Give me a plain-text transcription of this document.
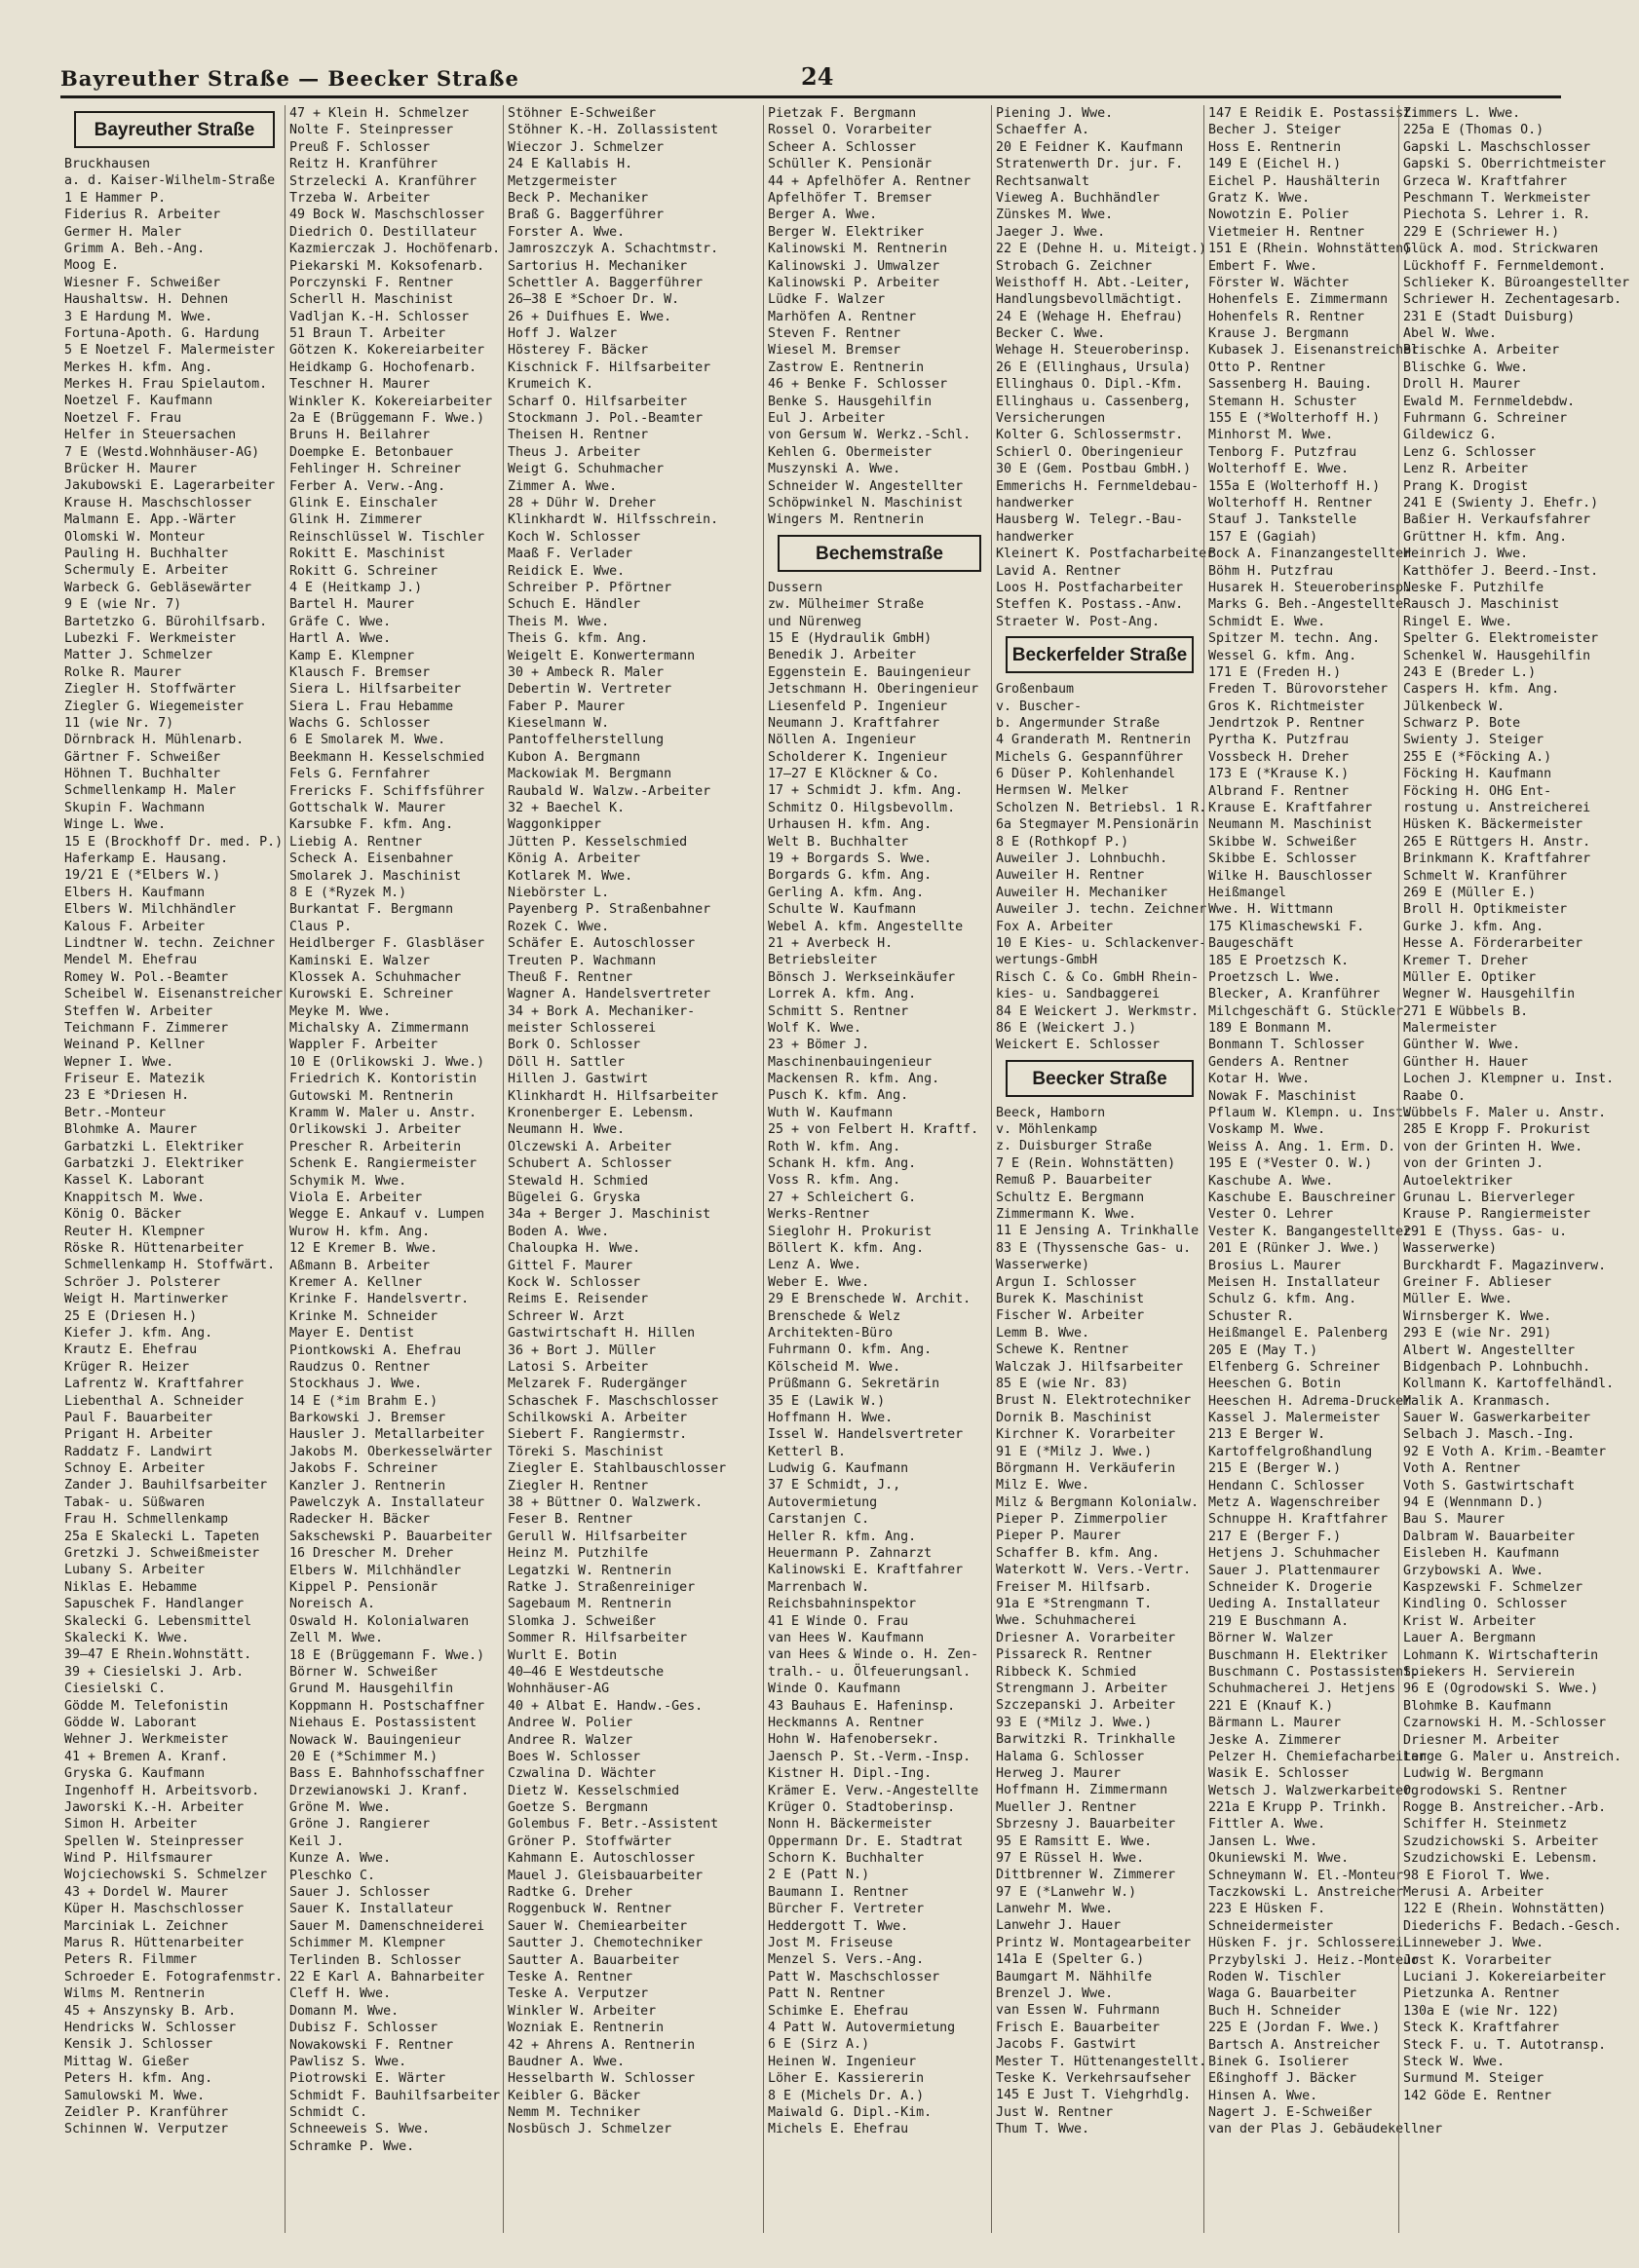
Bayreuther Straße — Beecker Straße	24
Bayreuther Straße
Bruckhausen
a. d. Kaiser-Wilhelm-Straße
1 E Hammer P.
Fiderius R. Arbeiter
Germer H. Maler
Grimm A. Beh.-Ang.
Moog E.
Wiesner F. Schweißer
Haushaltsw. H. Dehnen
3 E Hardung M. Wwe.
Fortuna-Apoth. G. Hardung
5 E Noetzel F. Malermeister
Merkes H. kfm. Ang.
Merkes H. Frau Spielautom.
Noetzel F. Kaufmann
Noetzel F. Frau
Helfer in Steuersachen
7 E (Westd.Wohnhäuser-AG)
Brücker H. Maurer
Jakubowski E. Lagerarbeiter
Krause H. Maschschlosser
Malmann E. App.-Wärter
Olomski W. Monteur
Pauling H. Buchhalter
Schermuly E. Arbeiter
Warbeck G. Gebläsewärter
9 E (wie Nr. 7)
Bartetzko G. Bürohilfsarb.
Lubezki F. Werkmeister
Matter J. Schmelzer
Rolke R. Maurer
Ziegler H. Stoffwärter
Ziegler G. Wiegemeister
11 (wie Nr. 7)
Dörnbrack H. Mühlenarb.
Gärtner F. Schweißer
Höhnen T. Buchhalter
Schmellenkamp H. Maler
Skupin F. Wachmann
Winge L. Wwe.
15 E (Brockhoff Dr. med. P.)
Haferkamp E. Hausang.
19/21 E (*Elbers W.)
Elbers H. Kaufmann
Elbers W. Milchhändler
Kalous F. Arbeiter
Lindtner W. techn. Zeichner
Mendel M. Ehefrau
Romey W. Pol.-Beamter
Scheibel W. Eisenanstreicher
Steffen W. Arbeiter
Teichmann F. Zimmerer
Weinand P. Kellner
Wepner I. Wwe.
Friseur E. Matezik
23 E *Driesen H.
Betr.-Monteur
Blohmke A. Maurer
Garbatzki L. Elektriker
Garbatzki J. Elektriker
Kassel K. Laborant
Knappitsch M. Wwe.
König O. Bäcker
Reuter H. Klempner
Röske R. Hüttenarbeiter
Schmellenkamp H. Stoffwärt.
Schröer J. Polsterer
Weigt H. Martinwerker
25 E (Driesen H.)
Kiefer J. kfm. Ang.
Krautz E. Ehefrau
Krüger R. Heizer
Lafrentz W. Kraftfahrer
Liebenthal A. Schneider
Paul F. Bauarbeiter
Prigant H. Arbeiter
Raddatz F. Landwirt
Schnoy E. Arbeiter
Zander J. Bauhilfsarbeiter
Tabak- u. Süßwaren
Frau H. Schmellenkamp
25a E Skalecki L. Tapeten
Gretzki J. Schweißmeister
Lubany S. Arbeiter
Niklas E. Hebamme
Sapuschek F. Handlanger
Skalecki G. Lebensmittel
Skalecki K. Wwe.
39—47 E Rhein.Wohnstätt.
39 + Ciesielski J. Arb.
Ciesielski C.
Gödde M. Telefonistin
Gödde W. Laborant
Wehner J. Werkmeister
41 + Bremen A. Kranf.
Gryska G. Kaufmann
Ingenhoff H. Arbeitsvorb.
Jaworski K.-H. Arbeiter
Simon H. Arbeiter
Spellen W. Steinpresser
Wind P. Hilfsmaurer
Wojciechowski S. Schmelzer
43 + Dordel W. Maurer
Küper H. Maschschlosser
Marciniak L. Zeichner
Marus R. Hüttenarbeiter
Peters R. Filmmer
Schroeder E. Fotografenmstr.
Wilms M. Rentnerin
45 + Anszynsky B. Arb.
Hendricks W. Schlosser
Kensik J. Schlosser
Mittag W. Gießer
Peters H. kfm. Ang.
Samulowski M. Wwe.
Zeidler P. Kranführer
Schinnen W. Verputzer
47 + Klein H. Schmelzer
Nolte F. Steinpresser
Preuß F. Schlosser
Reitz H. Kranführer
Strzelecki A. Kranführer
Trzeba W. Arbeiter
49 Bock W. Maschschlosser
Diedrich O. Destillateur
Kazmierczak J. Hochöfenarb.
Piekarski M. Koksofenarb.
Porczynski F. Rentner
Scherll H. Maschinist
Vadljan K.-H. Schlosser
51 Braun T. Arbeiter
Götzen K. Kokereiarbeiter
Heidkamp G. Hochofenarb.
Teschner H. Maurer
Winkler K. Kokereiarbeiter
2a E (Brüggemann F. Wwe.)
Bruns H. Beilahrer
Doempke E. Betonbauer
Fehlinger H. Schreiner
Ferber A. Verw.-Ang.
Glink E. Einschaler
Glink H. Zimmerer
Reinschlüssel W. Tischler
Rokitt E. Maschinist
Rokitt G. Schreiner
4 E (Heitkamp J.)
Bartel H. Maurer
Gräfe C. Wwe.
Hartl A. Wwe.
Kamp E. Klempner
Klausch F. Bremser
Siera L. Hilfsarbeiter
Siera L. Frau Hebamme
Wachs G. Schlosser
6 E Smolarek M. Wwe.
Beekmann H. Kesselschmied
Fels G. Fernfahrer
Frericks F. Schiffsführer
Gottschalk W. Maurer
Karsubke F. kfm. Ang.
Liebig A. Rentner
Scheck A. Eisenbahner
Smolarek J. Maschinist
8 E (*Ryzek M.)
Burkantat F. Bergmann
Claus P.
Heidlberger F. Glasbläser
Kaminski E. Walzer
Klossek A. Schuhmacher
Kurowski E. Schreiner
Meyke M. Wwe.
Michalsky A. Zimmermann
Wappler F. Arbeiter
10 E (Orlikowski J. Wwe.)
Friedrich K. Kontoristin
Gutowski M. Rentnerin
Kramm W. Maler u. Anstr.
Orlikowski J. Arbeiter
Prescher R. Arbeiterin
Schenk E. Rangiermeister
Schymik M. Wwe.
Viola E. Arbeiter
Wegge E. Ankauf v. Lumpen
Wurow H. kfm. Ang.
12 E Kremer B. Wwe.
Aßmann B. Arbeiter
Kremer A. Kellner
Krinke F. Handelsvertr.
Krinke M. Schneider
Mayer E. Dentist
Piontkowski A. Ehefrau
Raudzus O. Rentner
Stockhaus J. Wwe.
14 E (*im Brahm E.)
Barkowski J. Bremser
Hausler J. Metallarbeiter
Jakobs M. Oberkesselwärter
Jakobs F. Schreiner
Kanzler J. Rentnerin
Pawelczyk A. Installateur
Radecker H. Bäcker
Sakschewski P. Bauarbeiter
16 Drescher M. Dreher
Elbers W. Milchhändler
Kippel P. Pensionär
Noreisch A.
Oswald H. Kolonialwaren
Zell M. Wwe.
18 E (Brüggemann F. Wwe.)
Börner W. Schweißer
Grund M. Hausgehilfin
Koppmann H. Postschaffner
Niehaus E. Postassistent
Nowack W. Bauingenieur
20 E (*Schimmer M.)
Bass E. Bahnhofsschaffner
Drzewianowski J. Kranf.
Gröne M. Wwe.
Gröne J. Rangierer
Keil J.
Kunze A. Wwe.
Pleschko C.
Sauer J. Schlosser
Sauer K. Installateur
Sauer M. Damenschneiderei
Schimmer M. Klempner
Terlinden B. Schlosser
22 E Karl A. Bahnarbeiter
Cleff H. Wwe.
Domann M. Wwe.
Dubisz F. Schlosser
Nowakowski F. Rentner
Pawlisz S. Wwe.
Piotrowski E. Wärter
Schmidt F. Bauhilfsarbeiter
Schmidt C.
Schneeweis S. Wwe.
Schramke P. Wwe.
Stöhner E-Schweißer
Stöhner K.-H. Zollassistent
Wieczor J. Schmelzer
24 E Kallabis H.
Metzgermeister
Beck P. Mechaniker
Braß G. Baggerführer
Forster A. Wwe.
Jamroszczyk A. Schachtmstr.
Sartorius H. Mechaniker
Schettler A. Baggerführer
26—38 E *Schoer Dr. W.
26 + Duifhues E. Wwe.
Hoff J. Walzer
Hösterey F. Bäcker
Kischnick F. Hilfsarbeiter
Krumeich K.
Scharf O. Hilfsarbeiter
Stockmann J. Pol.-Beamter
Theisen H. Rentner
Theus J. Arbeiter
Weigt G. Schuhmacher
Zimmer A. Wwe.
28 + Dühr W. Dreher
Klinkhardt W. Hilfsschrein.
Koch W. Schlosser
Maaß F. Verlader
Reidick E. Wwe.
Schreiber P. Pförtner
Schuch E. Händler
Theis M. Wwe.
Theis G. kfm. Ang.
Weigelt E. Konwertermann
30 + Ambeck R. Maler
Debertin W. Vertreter
Faber P. Maurer
Kieselmann W.
Pantoffelherstellung
Kubon A. Bergmann
Mackowiak M. Bergmann
Raubald W. Walzw.-Arbeiter
32 + Baechel K.
Waggonkipper
Jütten P. Kesselschmied
König A. Arbeiter
Kotlarek M. Wwe.
Niebörster L.
Payenberg P. Straßenbahner
Rozek C. Wwe.
Schäfer E. Autoschlosser
Treuten P. Wachmann
Theuß F. Rentner
Wagner A. Handelsvertreter
34 + Bork A. Mechaniker-
meister Schlosserei
Bork O. Schlosser
Döll H. Sattler
Hillen J. Gastwirt
Klinkhardt H. Hilfsarbeiter
Kronenberger E. Lebensm.
Neumann H. Wwe.
Olczewski A. Arbeiter
Schubert A. Schlosser
Stewald H. Schmied
Bügelei G. Gryska
34a + Berger J. Maschinist
Boden A. Wwe.
Chaloupka H. Wwe.
Gittel F. Maurer
Kock W. Schlosser
Reims E. Reisender
Schreer W. Arzt
Gastwirtschaft H. Hillen
36 + Bort J. Müller
Latosi S. Arbeiter
Melzarek F. Rudergänger
Schaschek F. Maschschlosser
Schilkowski A. Arbeiter
Siebert F. Rangiermstr.
Töreki S. Maschinist
Ziegler E. Stahlbauschlosser
Ziegler H. Rentner
38 + Büttner O. Walzwerk.
Feser B. Rentner
Gerull W. Hilfsarbeiter
Heinz M. Putzhilfe
Legatzki W. Rentnerin
Ratke J. Straßenreiniger
Sagebaum M. Rentnerin
Slomka J. Schweißer
Sommer R. Hilfsarbeiter
Wurlt E. Botin
40—46 E Westdeutsche
Wohnhäuser-AG
40 + Albat E. Handw.-Ges.
Andree W. Polier
Andree R. Walzer
Boes W. Schlosser
Czwalina D. Wächter
Dietz W. Kesselschmied
Goetze S. Bergmann
Golembus F. Betr.-Assistent
Gröner P. Stoffwärter
Kahmann E. Autoschlosser
Mauel J. Gleisbauarbeiter
Radtke G. Dreher
Roggenbuck W. Rentner
Sauer W. Chemiearbeiter
Sautter J. Chemotechniker
Sautter A. Bauarbeiter
Teske A. Rentner
Teske A. Verputzer
Winkler W. Arbeiter
Wozniak E. Rentnerin
42 + Ahrens A. Rentnerin
Baudner A. Wwe.
Hesselbarth W. Schlosser
Keibler G. Bäcker
Nemm M. Techniker
Nosbüsch J. Schmelzer
Pietzak F. Bergmann
Rossel O. Vorarbeiter
Scheer A. Schlosser
Schüller K. Pensionär
44 + Apfelhöfer A. Rentner
Apfelhöfer T. Bremser
Berger A. Wwe.
Berger W. Elektriker
Kalinowski M. Rentnerin
Kalinowski J. Umwalzer
Kalinowski P. Arbeiter
Lüdke F. Walzer
Marhöfen A. Rentner
Steven F. Rentner
Wiesel M. Bremser
Zastrow E. Rentnerin
46 + Benke F. Schlosser
Benke S. Hausgehilfin
Eul J. Arbeiter
von Gersum W. Werkz.-Schl.
Kehlen G. Obermeister
Muszynski A. Wwe.
Schneider W. Angestellter
Schöpwinkel N. Maschinist
Wingers M. Rentnerin
Bechemstraße
Dussern
zw. Mülheimer Straße
und Nürenweg
15 E (Hydraulik GmbH)
Benedik J. Arbeiter
Eggenstein E. Bauingenieur
Jetschmann H. Oberingenieur
Liesenfeld P. Ingenieur
Neumann J. Kraftfahrer
Nöllen A. Ingenieur
Scholderer K. Ingenieur
17—27 E Klöckner & Co.
17 + Schmidt J. kfm. Ang.
Schmitz O. Hilgsbevollm.
Urhausen H. kfm. Ang.
Welt B. Buchhalter
19 + Borgards S. Wwe.
Borgards G. kfm. Ang.
Gerling A. kfm. Ang.
Schulte W. Kaufmann
Webel A. kfm. Angestellte
21 + Averbeck H.
Betriebsleiter
Bönsch J. Werkseinkäufer
Lorrek A. kfm. Ang.
Schmitt S. Rentner
Wolf K. Wwe.
23 + Bömer J.
Maschinenbauingenieur
Mackensen R. kfm. Ang.
Pusch K. kfm. Ang.
Wuth W. Kaufmann
25 + von Felbert H. Kraftf.
Roth W. kfm. Ang.
Schank H. kfm. Ang.
Voss R. kfm. Ang.
27 + Schleichert G.
Werks-Rentner
Sieglohr H. Prokurist
Böllert K. kfm. Ang.
Lenz A. Wwe.
Weber E. Wwe.
29 E Brenschede W. Archit.
Brenschede & Welz
Architekten-Büro
Fuhrmann O. kfm. Ang.
Kölscheid M. Wwe.
Prüßmann G. Sekretärin
35 E (Lawik W.)
Hoffmann H. Wwe.
Issel W. Handelsvertreter
Ketterl B.
Ludwig G. Kaufmann
37 E Schmidt, J.,
Autovermietung
Carstanjen C.
Heller R. kfm. Ang.
Heuermann P. Zahnarzt
Kalinowski E. Kraftfahrer
Marrenbach W.
Reichsbahninspektor
41 E Winde O. Frau
van Hees W. Kaufmann
van Hees & Winde o. H. Zen-
tralh.- u. Ölfeuerungsanl.
Winde O. Kaufmann
43 Bauhaus E. Hafeninsp.
Heckmanns A. Rentner
Hohn W. Hafenobersekr.
Jaensch P. St.-Verm.-Insp.
Kistner H. Dipl.-Ing.
Krämer E. Verw.-Angestellte
Krüger O. Stadtoberinsp.
Nonn H. Bäckermeister
Oppermann Dr. E. Stadtrat
Schorn K. Buchhalter
2 E (Patt N.)
Baumann I. Rentner
Bürcher F. Vertreter
Heddergott T. Wwe.
Jost M. Friseuse
Menzel S. Vers.-Ang.
Patt W. Maschschlosser
Patt N. Rentner
Schimke E. Ehefrau
4 Patt W. Autovermietung
6 E (Sirz A.)
Heinen W. Ingenieur
Löher E. Kassiererin
8 E (Michels Dr. A.)
Maiwald G. Dipl.-Kim.
Michels E. Ehefrau
Piening J. Wwe.
Schaeffer A.
20 E Feidner K. Kaufmann
Stratenwerth Dr. jur. F.
Rechtsanwalt
Vieweg A. Buchhändler
Zünskes M. Wwe.
Jaeger J. Wwe.
22 E (Dehne H. u. Miteigt.)
Strobach G. Zeichner
Weisthoff H. Abt.-Leiter,
Handlungsbevollmächtigt.
24 E (Wehage H. Ehefrau)
Becker C. Wwe.
Wehage H. Steueroberinsp.
26 E (Ellinghaus, Ursula)
Ellinghaus O. Dipl.-Kfm.
Ellinghaus u. Cassenberg,
Versicherungen
Kolter G. Schlossermstr.
Schierl O. Oberingenieur
30 E (Gem. Postbau GmbH.)
Emmerichs H. Fernmeldebau-
handwerker
Hausberg W. Telegr.-Bau-
handwerker
Kleinert K. Postfacharbeiter
Lavid A. Rentner
Loos H. Postfacharbeiter
Steffen K. Postass.-Anw.
Straeter W. Post-Ang.
Beckerfelder Straße
Großenbaum
v. Buscher-
b. Angermunder Straße
4 Granderath M. Rentnerin
Michels G. Gespannführer
6 Düser P. Kohlenhandel
Hermsen W. Melker
Scholzen N. Betriebsl. 1 R.
6a Stegmayer M.Pensionärin
8 E (Rothkopf P.)
Auweiler J. Lohnbuchh.
Auweiler H. Rentner
Auweiler H. Mechaniker
Auweiler J. techn. Zeichner
Fox A. Arbeiter
10 E Kies- u. Schlackenver-
wertungs-GmbH
Risch C. & Co. GmbH Rhein-
kies- u. Sandbaggerei
84 E Weickert J. Werkmstr.
86 E (Weickert J.)
Weickert E. Schlosser
Beecker Straße
Beeck, Hamborn
v. Möhlenkamp
z. Duisburger Straße
7 E (Rein. Wohnstätten)
Remuß P. Bauarbeiter
Schultz E. Bergmann
Zimmermann K. Wwe.
11 E Jensing A. Trinkhalle
83 E (Thyssensche Gas- u.
Wasserwerke)
Argun I. Schlosser
Burek K. Maschinist
Fischer W. Arbeiter
Lemm B. Wwe.
Schewe K. Rentner
Walczak J. Hilfsarbeiter
85 E (wie Nr. 83)
Brust N. Elektrotechniker
Dornik B. Maschinist
Kirchner K. Vorarbeiter
91 E (*Milz J. Wwe.)
Börgmann H. Verkäuferin
Milz E. Wwe.
Milz & Bergmann Kolonialw.
Pieper P. Zimmerpolier
Pieper P. Maurer
Schaffer B. kfm. Ang.
Waterkott W. Vers.-Vertr.
Freiser M. Hilfsarb.
91a E *Strengmann T.
Wwe. Schuhmacherei
Driesner A. Vorarbeiter
Pissareck R. Rentner
Ribbeck K. Schmied
Strengmann J. Arbeiter
Szczepanski J. Arbeiter
93 E (*Milz J. Wwe.)
Barwitzki R. Trinkhalle
Halama G. Schlosser
Herweg J. Maurer
Hoffmann H. Zimmermann
Mueller J. Rentner
Sbrzesny J. Bauarbeiter
95 E Ramsitt E. Wwe.
97 E Rüssel H. Wwe.
Dittbrenner W. Zimmerer
97 E (*Lanwehr W.)
Lanwehr M. Wwe.
Lanwehr J. Hauer
Printz W. Montagearbeiter
141a E (Spelter G.)
Baumgart M. Nähhilfe
Brenzel J. Wwe.
van Essen W. Fuhrmann
Frisch E. Bauarbeiter
Jacobs F. Gastwirt
Mester T. Hüttenangestellt.
Teske K. Verkehrsaufseher
145 E Just T. Viehgrhdlg.
Just W. Rentner
Thum T. Wwe.
147 E Reidik E. Postassist.
Becher J. Steiger
Hoss E. Rentnerin
149 E (Eichel H.)
Eichel P. Haushälterin
Gratz K. Wwe.
Nowotzin E. Polier
Vietmeier H. Rentner
151 E (Rhein. Wohnstätten)
Embert F. Wwe.
Förster W. Wächter
Hohenfels E. Zimmermann
Hohenfels R. Rentner
Krause J. Bergmann
Kubasek J. Eisenanstreicher
Otto P. Rentner
Sassenberg H. Bauing.
Stemann H. Schuster
155 E (*Wolterhoff H.)
Minhorst M. Wwe.
Tenborg F. Putzfrau
Wolterhoff E. Wwe.
155a E (Wolterhoff H.)
Wolterhoff H. Rentner
Stauf J. Tankstelle
157 E (Gagiah)
Bock A. Finanzangestellter
Böhm H. Putzfrau
Husarek H. Steueroberinsp.
Marks G. Beh.-Angestellte
Schmidt E. Wwe.
Spitzer M. techn. Ang.
Wessel G. kfm. Ang.
171 E (Freden H.)
Freden T. Bürovorsteher
Gros K. Richtmeister
Jendrtzok P. Rentner
Pyrtha K. Putzfrau
Vossbeck H. Dreher
173 E (*Krause K.)
Albrand F. Rentner
Krause E. Kraftfahrer
Neumann M. Maschinist
Skibbe W. Schweißer
Skibbe E. Schlosser
Wilke H. Bauschlosser
Heißmangel
Wwe. H. Wittmann
175 Klimaschewski F.
Baugeschäft
185 E Proetzsch K.
Proetzsch L. Wwe.
Blecker, A. Kranführer
Milchgeschäft G. Stückler
189 E Bonmann M.
Bonmann T. Schlosser
Genders A. Rentner
Kotar H. Wwe.
Nowak F. Maschinist
Pflaum W. Klempn. u. Inst.
Voskamp M. Wwe.
Weiss A. Ang. 1. Erm. D.
195 E (*Vester O. W.)
Kaschube A. Wwe.
Kaschube E. Bauschreiner
Vester O. Lehrer
Vester K. Bangangestellter
201 E (Rünker J. Wwe.)
Brosius L. Maurer
Meisen H. Installateur
Schulz G. kfm. Ang.
Schuster R.
Heißmangel E. Palenberg
205 E (May T.)
Elfenberg G. Schreiner
Heeschen G. Botin
Heeschen H. Adrema-Drucker
Kassel J. Malermeister
213 E Berger W.
Kartoffelgroßhandlung
215 E (Berger W.)
Hendann C. Schlosser
Metz A. Wagenschreiber
Schnuppe H. Kraftfahrer
217 E (Berger F.)
Hetjens J. Schuhmacher
Sauer J. Plattenmaurer
Schneider K. Drogerie
Ueding A. Installateur
219 E Buschmann A.
Börner W. Walzer
Buschmann H. Elektriker
Buschmann C. Postassistent.
Schuhmacherei J. Hetjens
221 E (Knauf K.)
Bärmann L. Maurer
Jeske A. Zimmerer
Pelzer H. Chemiefacharbeiter
Wasik E. Schlosser
Wetsch J. Walzwerkarbeiter
221a E Krupp P. Trinkh.
Fittler A. Wwe.
Jansen L. Wwe.
Okuniewski M. Wwe.
Schneymann W. El.-Monteur
Taczkowski L. Anstreicher
223 E Hüsken F.
Schneidermeister
Hüsken F. jr. Schlosserei
Przybylski J. Heiz.-Monteur
Roden W. Tischler
Waga G. Bauarbeiter
Buch H. Schneider
225 E (Jordan F. Wwe.)
Bartsch A. Anstreicher
Binek G. Isolierer
Eßinghoff J. Bäcker
Hinsen A. Wwe.
Nagert J. E-Schweißer
van der Plas J. Gebäudekellner
Zimmers L. Wwe.
225a E (Thomas O.)
Gapski L. Maschschlosser
Gapski S. Oberrichtmeister
Grzeca W. Kraftfahrer
Peschmann T. Werkmeister
Piechota S. Lehrer i. R.
229 E (Schriewer H.)
Glück A. mod. Strickwaren
Lückhoff F. Fernmeldemont.
Schlieker K. Büroangestellter
Schriewer H. Zechentagesarb.
231 E (Stadt Duisburg)
Abel W. Wwe.
Blischke A. Arbeiter
Blischke G. Wwe.
Droll H. Maurer
Ewald M. Fernmeldebdw.
Fuhrmann G. Schreiner
Gildewicz G.
Lenz G. Schlosser
Lenz R. Arbeiter
Prang K. Drogist
241 E (Swienty J. Ehefr.)
Baßier H. Verkaufsfahrer
Grüttner H. kfm. Ang.
Heinrich J. Wwe.
Katthöfer J. Beerd.-Inst.
Neske F. Putzhilfe
Rausch J. Maschinist
Ringel E. Wwe.
Spelter G. Elektromeister
Schenkel W. Hausgehilfin
243 E (Breder L.)
Caspers H. kfm. Ang.
Jülkenbeck W.
Schwarz P. Bote
Swienty J. Steiger
255 E (*Föcking A.)
Föcking H. Kaufmann
Föcking H. OHG Ent-
rostung u. Anstreicherei
Hüsken K. Bäckermeister
265 E Rüttgers H. Anstr.
Brinkmann K. Kraftfahrer
Schmelt W. Kranführer
269 E (Müller E.)
Broll H. Optikmeister
Gurke J. kfm. Ang.
Hesse A. Förderarbeiter
Kremer T. Dreher
Müller E. Optiker
Wegner W. Hausgehilfin
271 E Wübbels B.
Malermeister
Günther W. Wwe.
Günther H. Hauer
Lochen J. Klempner u. Inst.
Raabe O.
Wübbels F. Maler u. Anstr.
285 E Kropp F. Prokurist
von der Grinten H. Wwe.
von der Grinten J.
Autoelektriker
Grunau L. Bierverleger
Krause P. Rangiermeister
291 E (Thyss. Gas- u.
Wasserwerke)
Burckhardt F. Magazinverw.
Greiner F. Ablieser
Müller E. Wwe.
Wirnsberger K. Wwe.
293 E (wie Nr. 291)
Albert W. Angestellter
Bidgenbach P. Lohnbuchh.
Kollmann K. Kartoffelhändl.
Malik A. Kranmasch.
Sauer W. Gaswerkarbeiter
Selbach J. Masch.-Ing.
92 E Voth A. Krim.-Beamter
Voth A. Rentner
Voth S. Gastwirtschaft
94 E (Wennmann D.)
Bau S. Maurer
Dalbram W. Bauarbeiter
Eisleben H. Kaufmann
Grzybowski A. Wwe.
Kaspzewski F. Schmelzer
Kindling O. Schlosser
Krist W. Arbeiter
Lauer A. Bergmann
Lohmann K. Wirtschafterin
Spiekers H. Servierein
96 E (Ogrodowski S. Wwe.)
Blohmke B. Kaufmann
Czarnowski H. M.-Schlosser
Driesner M. Arbeiter
Lange G. Maler u. Anstreich.
Ludwig W. Bergmann
Ogrodowski S. Rentner
Rogge B. Anstreicher.-Arb.
Schiffer H. Steinmetz
Szudzichowski S. Arbeiter
Szudzichowski E. Lebensm.
98 E Fiorol T. Wwe.
Merusi A. Arbeiter
122 E (Rhein. Wohnstätten)
Diederichs F. Bedach.-Gesch.
Linneweber J. Wwe.
Jost K. Vorarbeiter
Luciani J. Kokereiarbeiter
Pietzunka A. Rentner
130a E (wie Nr. 122)
Steck K. Kraftfahrer
Steck F. u. T. Autotransp.
Steck W. Wwe.
Surmund M. Steiger
142 Göde E. Rentner
